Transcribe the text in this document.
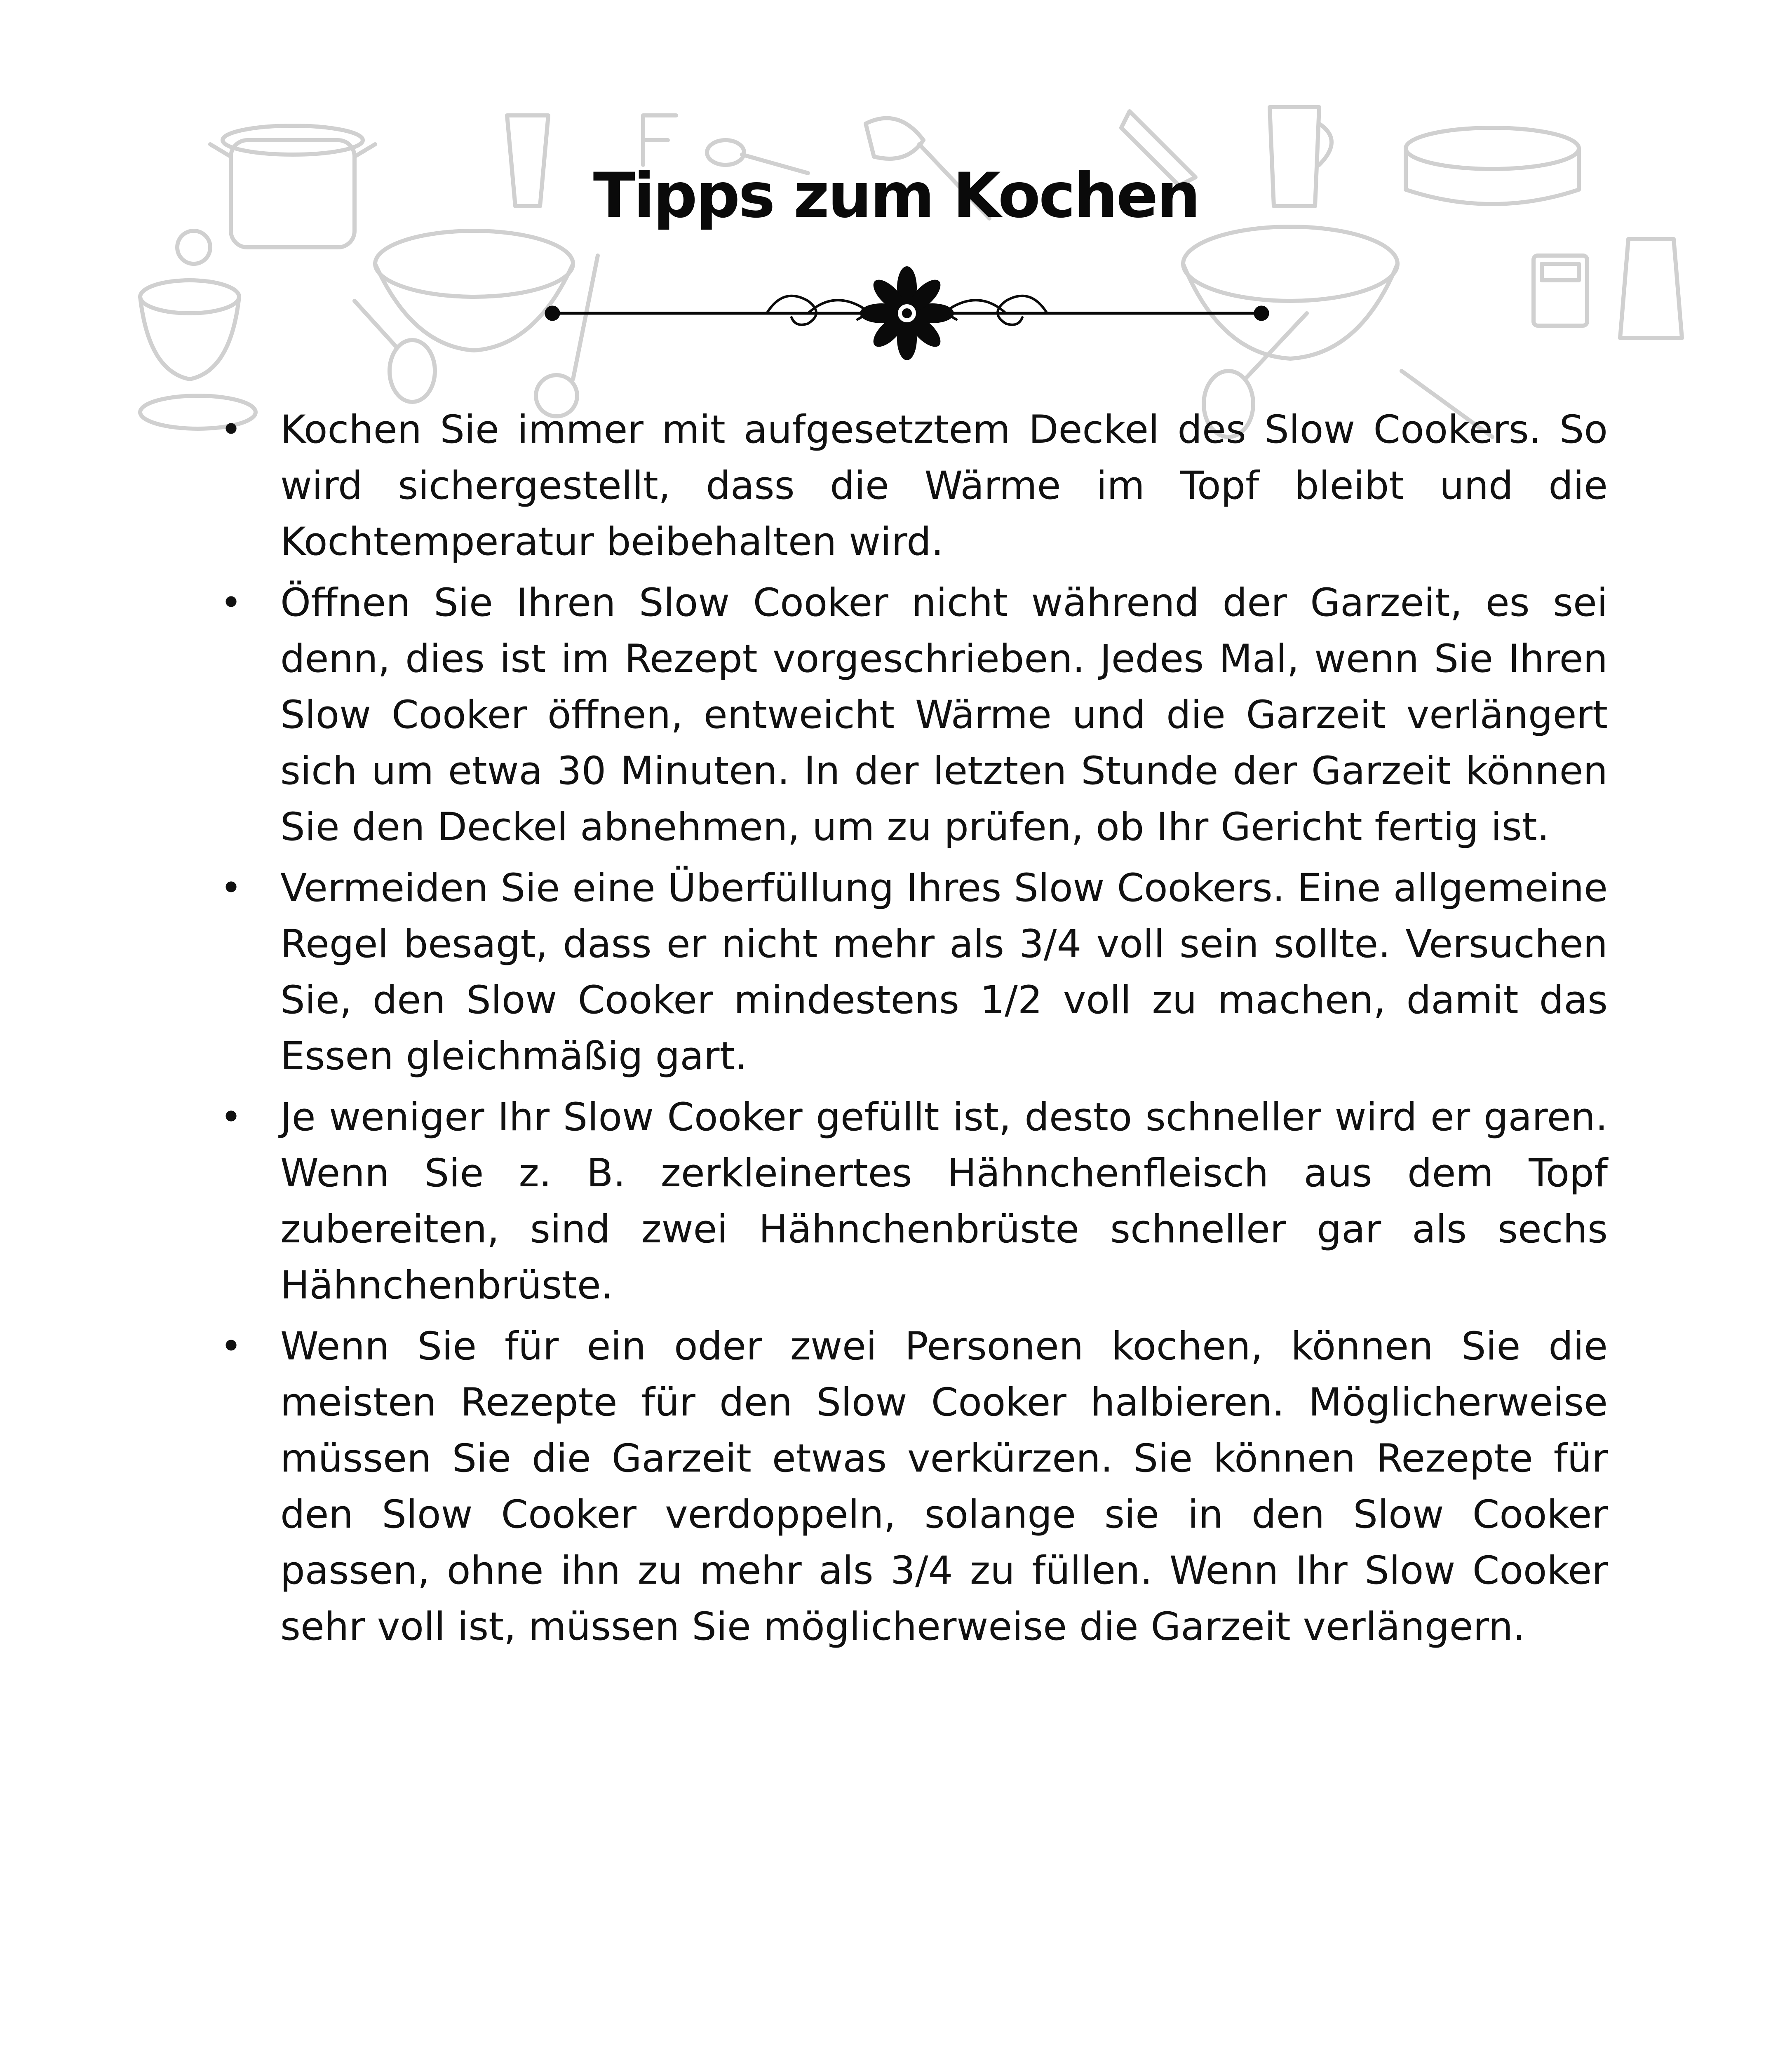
Tipps zum Kochen
• Kochen Sie immer mit aufgesetztem Deckel des Slow Cookers. So wird sichergestellt, dass die Wärme im Topf bleibt und die Kochtemperatur beibehalten wird.
• Öffnen Sie Ihren Slow Cooker nicht während der Garzeit, es sei denn, dies ist im Rezept vorgeschrieben. Jedes Mal, wenn Sie Ihren Slow Cooker öffnen, entweicht Wärme und die Garzeit verlängert sich um etwa 30 Minuten. In der letzten Stunde der Garzeit können Sie den Deckel abnehmen, um zu prüfen, ob Ihr Gericht fertig ist.
• Vermeiden Sie eine Überfüllung Ihres Slow Cookers. Eine allgemeine Regel besagt, dass er nicht mehr als 3/4 voll sein sollte. Versuchen Sie, den Slow Cooker mindestens 1/2 voll zu machen, damit das Essen gleichmäßig gart.
• Je weniger Ihr Slow Cooker gefüllt ist, desto schneller wird er garen. Wenn Sie z. B. zerkleinertes Hähnchenfleisch aus dem Topf zubereiten, sind zwei Hähnchenbrüste schneller gar als sechs Hähnchenbrüste.
• Wenn Sie für ein oder zwei Personen kochen, können Sie die meisten Rezepte für den Slow Cooker halbieren. Möglicherweise müssen Sie die Garzeit etwas verkürzen. Sie können Rezepte für den Slow Cooker verdoppeln, solange sie in den Slow Cooker passen, ohne ihn zu mehr als 3/4 zu füllen. Wenn Ihr Slow Cooker sehr voll ist, müssen Sie möglicherweise die Garzeit verlängern.
